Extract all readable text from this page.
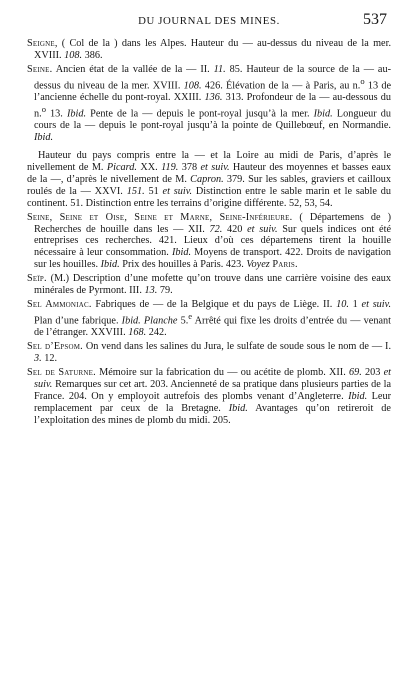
DU JOURNAL DES MINES.	537

Seigne, ( Col de la ) dans les Alpes. Hauteur du — au-dessus du niveau de la mer. XVIII. 108. 386.

Seine. Ancien état de la vallée de la — II. 11. 85. Hauteur de la source de la — au-dessus du niveau de la mer. XVIII. 108. 426. Élévation de la — à Paris, au n.$^o$ 13 de l’ancienne échelle du pont-royal. XXIII. 136. 313. Profondeur de la — au-dessous du n.$^o$ 13. Ibid. Pente de la — depuis le pont-royal jusqu’à la mer. Ibid. Longueur du cours de la — depuis le pont-royal jusqu’à la pointe de Quillebœuf, en Normandie. Ibid.

Hauteur du pays compris entre la — et la Loire au midi de Paris, d’après le nivellement de M. Picard. XX. 119. 378 et suiv. Hauteur des moyennes et basses eaux de la —, d’après le nivellement de M. Capron. 379. Sur les sables, graviers et cailloux roulés de la — XXVI. 151. 51 et suiv. Distinction entre le sable marin et le sable du continent. 51. Distinction entre les terrains d’origine différente. 52, 53, 54.

Seine, Seine et Oise, Seine et Marne, Seine-Inférieure. ( Départemens de ) Recherches de houille dans les — XII. 72. 420 et suiv. Sur quels indices ont été entreprises ces recherches. 421. Lieux d’où ces départemens tirent la houille nécessaire à leur consommation. Ibid. Moyens de transport. 422. Droits de navigation sur les houilles. Ibid. Prix des houilles à Paris. 423. Voyez Paris.

Seïp. (M.) Description d’une mofette qu’on trouve dans une carrière voisine des eaux minérales de Pyrmont. III. 13. 79.

Sel Ammoniac. Fabriques de — de la Belgique et du pays de Liège. II. 10. 1 et suiv. Plan d’une fabrique. Ibid. Planche 5.$^e$ Arrêté qui fixe les droits d’entrée du — venant de l’étranger. XXVIII. 168. 242.

Sel d’Epsom. On vend dans les salines du Jura, le sulfate de soude sous le nom de — I. 3. 12.

Sel de Saturne. Mémoire sur la fabrication du — ou acétite de plomb. XII. 69. 203 et suiv. Remarques sur cet art. 203. Ancienneté de sa pratique dans plusieurs parties de la France. 204. On y employoit autrefois des plombs venant d’Angleterre. Ibid. Leur remplacement par ceux de la Bretagne. Ibid. Avantages qu’on retireroit de l’exploitation des mines de plomb du midi. 205.
